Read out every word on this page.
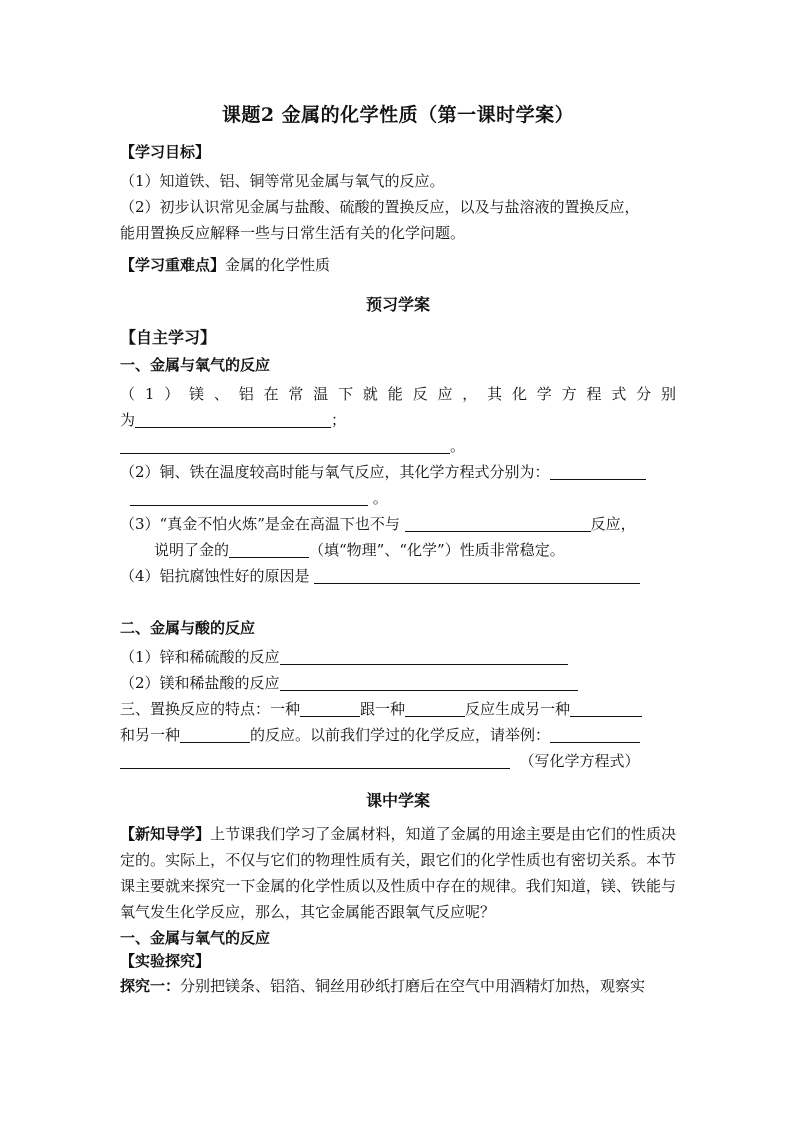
课题2 金属的化学性质（第一课时学案）
【学习目标】
（1）知道铁、铝、铜等常见金属与氧气的反应。
（2）初步认识常见金属与盐酸、硫酸的置换反应，以及与盐溶液的置换反应，
能用置换反应解释一些与日常生活有关的化学问题。
【学习重难点】金属的化学性质
预习学案
【自主学习】
一、金属与氧气的反应
（1）镁、铝在常温下就能反应，其化学方程式分别
为	；
。
（2）铜、铁在温度较高时能与氧气反应，其化学方程式分别为：
。
（3）“真金不怕火炼”是金在高温下也不与	反应，
说明了金的	（填“物理”、“化学”）性质非常稳定。
（4）铝抗腐蚀性好的原因是
二、金属与酸的反应
（1）锌和稀硫酸的反应
（2）镁和稀盐酸的反应
三、置换反应的特点：一种	跟一种	反应生成另一种
和另一种	的反应。以前我们学过的化学反应，请举例：
（写化学方程式）
课中学案
【新知导学】上节课我们学习了金属材料，知道了金属的用途主要是由它们的性质决定的。实际上，不仅与它们的物理性质有关，跟它们的化学性质也有密切关系。本节课主要就来探究一下金属的化学性质以及性质中存在的规律。我们知道，镁、铁能与氧气发生化学反应，那么，其它金属能否跟氧气反应呢？
一、金属与氧气的反应
【实验探究】
探究一：分别把镁条、铝箔、铜丝用砂纸打磨后在空气中用酒精灯加热，观察实
